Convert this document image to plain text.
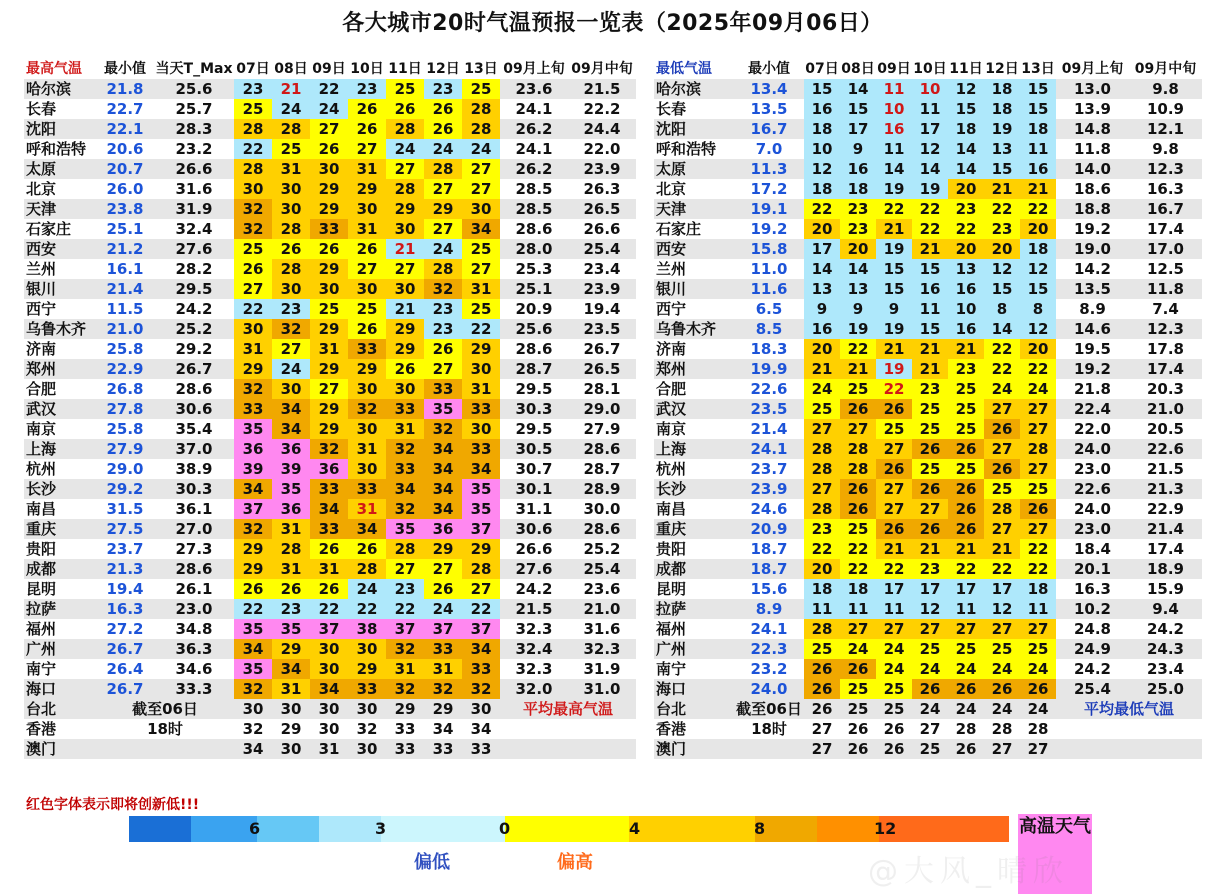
各大城市20时气温预报一览表（2025年09月06日）
最高气温	最小值	当天T_Max	07日	08日	09日	10日	11日	12日	13日	09月上旬	09月中旬
哈尔滨	21.8	25.6	23	21	22	23	25	23	25	23.6	21.5
长春	22.7	25.7	25	24	24	26	26	26	28	24.1	22.2
沈阳	22.1	28.3	28	28	27	26	28	26	28	26.2	24.4
呼和浩特	20.6	23.2	22	25	26	27	24	24	24	24.1	22.0
太原	20.7	26.6	28	31	30	31	27	28	27	26.2	23.9
北京	26.0	31.6	30	30	29	29	28	27	27	28.5	26.3
天津	23.8	31.9	32	30	29	30	29	29	30	28.5	26.5
石家庄	25.1	32.4	32	28	33	31	30	27	34	28.6	26.6
西安	21.2	27.6	25	26	26	26	21	24	25	28.0	25.4
兰州	16.1	28.2	26	28	29	27	27	28	27	25.3	23.4
银川	21.4	29.5	27	30	30	30	30	32	31	25.1	23.9
西宁	11.5	24.2	22	23	25	25	21	23	25	20.9	19.4
乌鲁木齐	21.0	25.2	30	32	29	26	29	23	22	25.6	23.5
济南	25.8	29.2	31	27	31	33	29	26	29	28.6	26.7
郑州	22.9	26.7	29	24	29	29	26	27	30	28.7	26.5
合肥	26.8	28.6	32	30	27	30	30	33	31	29.5	28.1
武汉	27.8	30.6	33	34	29	32	33	35	33	30.3	29.0
南京	25.8	35.4	35	34	29	30	31	32	30	29.5	27.9
上海	27.9	37.0	36	36	32	31	32	34	33	30.5	28.6
杭州	29.0	38.9	39	39	36	30	33	34	34	30.7	28.7
长沙	29.2	30.3	34	35	33	33	34	34	35	30.1	28.9
南昌	31.5	36.1	37	36	34	31	32	34	35	31.1	30.0
重庆	27.5	27.0	32	31	33	34	35	36	37	30.6	28.6
贵阳	23.7	27.3	29	28	26	26	28	29	29	26.6	25.2
成都	21.3	28.6	29	31	31	28	27	27	28	27.6	25.4
昆明	19.4	26.1	26	26	26	24	23	26	27	24.2	23.6
拉萨	16.3	23.0	22	23	22	22	22	24	22	21.5	21.0
福州	27.2	34.8	35	35	37	38	37	37	37	32.3	31.6
广州	26.7	36.3	34	29	30	30	32	33	34	32.4	32.3
南宁	26.4	34.6	35	34	30	29	31	31	33	32.3	31.9
海口	26.7	33.3	32	31	34	33	32	32	32	32.0	31.0
台北	截至06日		30	30	30	30	29	29	30	平均最高气温	
香港	18时		32	29	30	32	33	34	34		
澳门			34	30	31	30	33	33	33		
最低气温	最小值	07日	08日	09日	10日	11日	12日	13日	09月上旬	09月中旬
哈尔滨	13.4	15	14	11	10	12	18	15	13.0	9.8
长春	13.5	16	15	10	11	15	18	15	13.9	10.9
沈阳	16.7	18	17	16	17	18	19	18	14.8	12.1
呼和浩特	7.0	10	9	11	12	14	13	11	11.8	9.8
太原	11.3	12	16	14	14	14	15	16	14.0	12.3
北京	17.2	18	18	19	19	20	21	21	18.6	16.3
天津	19.1	22	23	22	22	23	22	22	18.8	16.7
石家庄	19.2	20	23	21	22	22	23	20	19.2	17.4
西安	15.8	17	20	19	21	20	20	18	19.0	17.0
兰州	11.0	14	14	15	15	13	12	12	14.2	12.5
银川	11.6	13	13	15	16	16	15	15	13.5	11.8
西宁	6.5	9	9	9	11	10	8	8	8.9	7.4
乌鲁木齐	8.5	16	19	19	15	16	14	12	14.6	12.3
济南	18.3	20	22	21	21	21	22	20	19.5	17.8
郑州	19.9	21	21	19	21	23	22	22	19.2	17.4
合肥	22.6	24	25	22	23	25	24	24	21.8	20.3
武汉	23.5	25	26	26	25	25	27	27	22.4	21.0
南京	21.4	27	27	25	25	25	26	27	22.0	20.5
上海	24.1	28	28	27	26	26	27	28	24.0	22.6
杭州	23.7	28	28	26	25	25	26	27	23.0	21.5
长沙	23.9	27	26	27	26	26	25	25	22.6	21.3
南昌	24.6	28	26	27	27	26	28	26	24.0	22.9
重庆	20.9	23	25	26	26	26	27	27	23.0	21.4
贵阳	18.7	22	22	21	21	21	21	22	18.4	17.4
成都	18.7	20	22	22	23	22	22	22	20.1	18.9
昆明	15.6	18	18	17	17	17	17	18	16.3	15.9
拉萨	8.9	11	11	11	12	11	12	11	10.2	9.4
福州	24.1	28	27	27	27	27	27	27	24.8	24.2
广州	22.3	25	24	24	25	25	25	25	24.9	24.3
南宁	23.2	26	26	24	24	24	24	24	24.2	23.4
海口	24.0	26	25	25	26	26	26	26	25.4	25.0
台北	截至06日	26	25	25	24	24	24	24	平均最低气温	
香港	18时	27	26	26	27	28	28	28		
澳门		27	26	26	25	26	27	27		
红色字体表示即将创新低!!!
6	3	0	4	8	12
偏低	偏高
高温天气
@大风_晴欣
